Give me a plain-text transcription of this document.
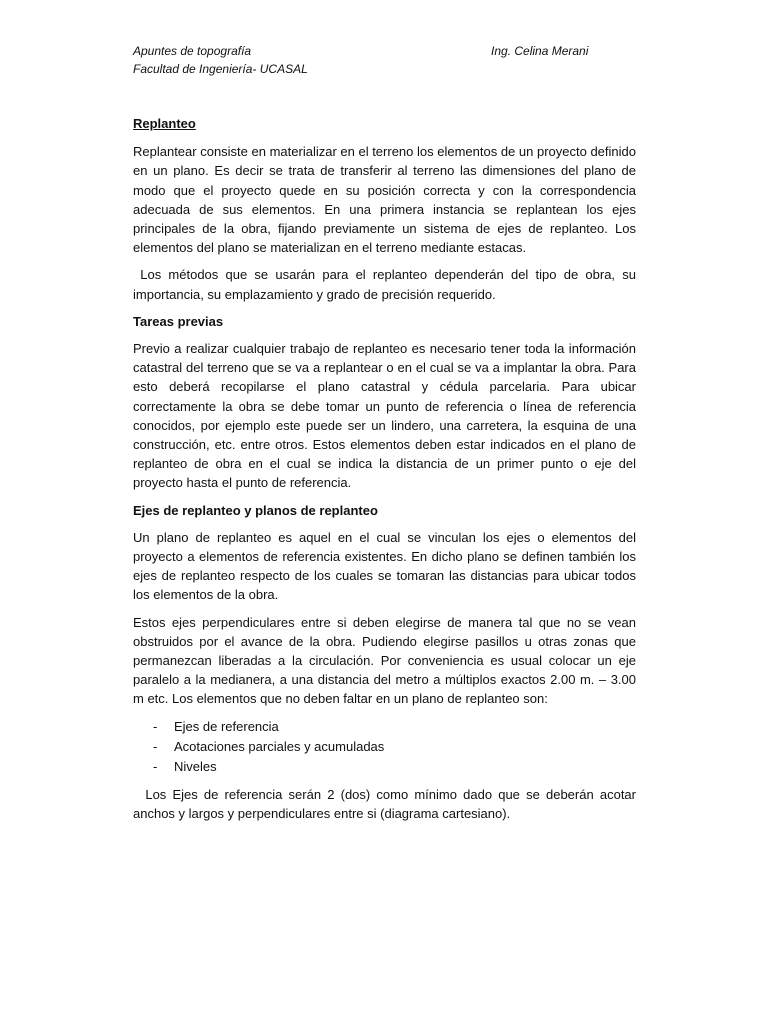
Apuntes de topografía
Facultad de Ingeniería- UCASAL
Ing. Celina Merani
Replanteo

Replantear consiste en materializar en el terreno los elementos de un proyecto definido en un plano. Es decir se trata de transferir al terreno las dimensiones del plano de modo que el proyecto quede en su posición correcta y con la correspondencia adecuada de sus elementos. En una primera instancia se replantean los ejes principales de la obra, fijando previamente un sistema de ejes de replanteo. Los elementos del plano se materializan en el terreno mediante estacas.

Los métodos que se usarán para el replanteo dependerán del tipo de obra, su importancia, su emplazamiento y grado de precisión requerido.

Tareas previas

Previo a realizar cualquier trabajo de replanteo es necesario tener toda la información catastral del terreno que se va a replantear o en el cual se va a implantar la obra. Para esto deberá recopilarse el plano catastral y cédula parcelaria. Para ubicar correctamente la obra se debe tomar un punto de referencia o línea de referencia conocidos, por ejemplo este puede ser un lindero, una carretera, la esquina de una construcción, etc. entre otros. Estos elementos deben estar indicados en el plano de replanteo de obra en el cual se indica la distancia de un primer punto o eje del proyecto hasta el punto de referencia.

Ejes de replanteo y planos de replanteo

Un plano de replanteo es aquel en el cual se vinculan los ejes o elementos del proyecto a elementos de referencia existentes. En dicho plano se definen también los ejes de replanteo respecto de los cuales se tomaran las distancias para ubicar todos los elementos de la obra.

Estos ejes perpendiculares entre si deben elegirse de manera tal que no se vean obstruidos por el avance de la obra. Pudiendo elegirse pasillos u otras zonas que permanezcan liberadas a la circulación. Por conveniencia es usual colocar un eje paralelo a la medianera, a una distancia del metro a múltiplos exactos 2.00 m. – 3.00 m etc. Los elementos que no deben faltar en un plano de replanteo son:

- Ejes de referencia
- Acotaciones parciales y acumuladas
- Niveles

Los Ejes de referencia serán 2 (dos) como mínimo dado que se deberán acotar anchos y largos y perpendiculares entre si (diagrama cartesiano).
